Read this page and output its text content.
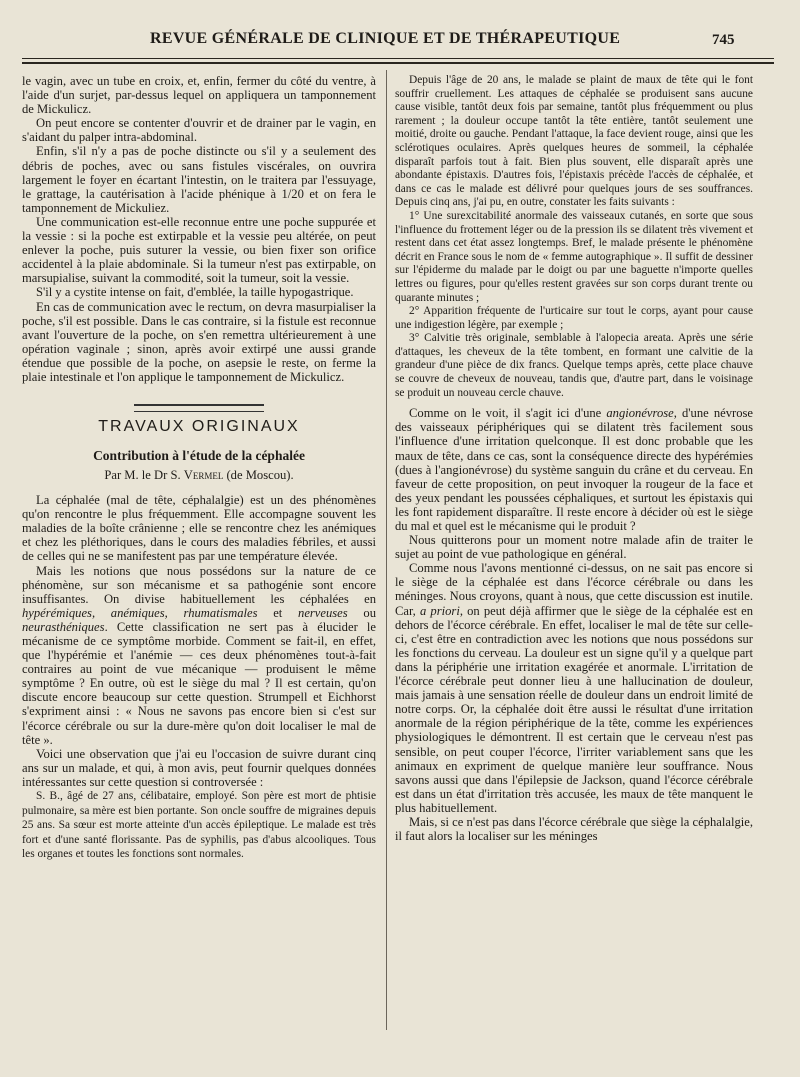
REVUE GÉNÉRALE DE CLINIQUE ET DE THÉRAPEUTIQUE	745

le vagin, avec un tube en croix, et, enfin, fermer du côté du ventre, à l'aide d'un surjet, par-dessus lequel on appliquera un tamponnement de Mickulicz.

On peut encore se contenter d'ouvrir et de drainer par le vagin, en s'aidant du palper intra-abdominal.

Enfin, s'il n'y a pas de poche distincte ou s'il y a seulement des débris de poches, avec ou sans fistules viscérales, on ouvrira largement le foyer en écartant l'intestin, on le traitera par l'essuyage, le grattage, la cautérisation à l'acide phénique à 1/20 et on fera le tamponnement de Mickuliez.

Une communication est-elle reconnue entre une poche suppurée et la vessie : si la poche est extirpable et la vessie peu altérée, on peut enlever la poche, puis suturer la vessie, ou bien fixer son orifice accidentel à la plaie abdominale. Si la tumeur n'est pas extirpable, on marsupialise, suivant la commodité, soit la tumeur, soit la vessie.

S'il y a cystite intense on fait, d'emblée, la taille hypogastrique.

En cas de communication avec le rectum, on devra masurpialiser la poche, s'il est possible. Dans le cas contraire, si la fistule est reconnue avant l'ouverture de la poche, on s'en remettra ultérieurement à une opération vaginale ; sinon, après avoir extirpé une aussi grande étendue que possible de la poche, on asepsie le reste, on ferme la plaie intestinale et l'on applique le tamponnement de Mickulicz.

TRAVAUX ORIGINAUX
Contribution à l'étude de la céphalée
Par M. le Dr S. Vermel (de Moscou).

La céphalée (mal de tête, céphalalgie) est un des phénomènes qu'on rencontre le plus fréquemment. Elle accompagne souvent les maladies de la boîte crânienne ; elle se rencontre chez les anémiques et chez les pléthoriques, dans le cours des maladies fébriles, et aussi de celles qui ne se manifestent pas par une température élevée.

Mais les notions que nous possédons sur la nature de ce phénomène, sur son mécanisme et sa pathogénie sont encore insuffisantes. On divise habituellement les céphalées en hypérémiques, anémiques, rhumatismales et nerveuses ou neurasthéniques. Cette classification ne sert pas à élucider le mécanisme de ce symptôme morbide. Comment se fait-il, en effet, que l'hypérémie et l'anémie — ces deux phénomènes tout-à-fait contraires au point de vue mécanique — produisent le même symptôme ? En outre, où est le siège du mal ? Il est certain, qu'on discute encore beaucoup sur cette question. Strumpell et Eichhorst s'expriment ainsi : « Nous ne savons pas encore bien si c'est sur l'écorce cérébrale ou sur la dure-mère qu'on doit localiser le mal de tête ».

Voici une observation que j'ai eu l'occasion de suivre durant cinq ans sur un malade, et qui, à mon avis, peut fournir quelques données intéressantes sur cette question si controversée :

S. B., âgé de 27 ans, célibataire, employé. Son père est mort de phtisie pulmonaire, sa mère est bien portante. Son oncle souffre de migraines depuis 25 ans. Sa sœur est morte atteinte d'un accès épileptique. Le malade est très fort et d'une santé florissante. Pas de syphilis, pas d'abus alcooliques. Tous les organes et toutes les fonctions sont normales.

Depuis l'âge de 20 ans, le malade se plaint de maux de tête qui le font souffrir cruellement. Les attaques de céphalée se produisent sans aucune cause visible, tantôt deux fois par semaine, tantôt plus fréquemment ou plus rarement ; la douleur occupe tantôt la tête entière, tantôt seulement une moitié, droite ou gauche. Pendant l'attaque, la face devient rouge, ainsi que les sclérotiques oculaires. Après quelques heures de sommeil, la céphalée disparaît parfois tout à fait. Bien plus souvent, elle disparaît après une abondante épistaxis. D'autres fois, l'épistaxis précède l'accès de céphalée, et dans ce cas le malade est délivré pour quelques jours de ses souffrances. Depuis cinq ans, j'ai pu, en outre, constater les faits suivants :

1° Une surexcitabilité anormale des vaisseaux cutanés, en sorte que sous l'influence du frottement léger ou de la pression ils se dilatent très vivement et restent dans cet état assez longtemps. Bref, le malade présente le phénomène décrit en France sous le nom de « femme autographique ». Il suffit de dessiner sur l'épiderme du malade par le doigt ou par une baguette n'importe quelles lettres ou figures, pour qu'elles restent gravées sur son corps durant trente ou quarante minutes ;

2° Apparition fréquente de l'urticaire sur tout le corps, ayant pour cause une indigestion légère, par exemple ;

3° Calvitie très originale, semblable à l'alopecia areata. Après une série d'attaques, les cheveux de la tête tombent, en formant une calvitie de la grandeur d'une pièce de dix francs. Quelque temps après, cette place chauve se couvre de cheveux de nouveau, tandis que, d'autre part, dans le voisinage se produit un nouveau cercle chauve.

Comme on le voit, il s'agit ici d'une angionévrose, d'une névrose des vaisseaux périphériques qui se dilatent très facilement sous l'influence d'une irritation quelconque. Il est donc probable que les maux de tête, dans ce cas, sont la conséquence directe des hypérémies (dues à l'angionévrose) du système sanguin du crâne et du cerveau. En faveur de cette proposition, on peut invoquer la rougeur de la face et des yeux pendant les poussées céphaliques, et surtout les épistaxis qui les font rapidement disparaître. Il reste encore à décider où est le siège du mal et quel est le mécanisme qui le produit ?

Nous quitterons pour un moment notre malade afin de traiter le sujet au point de vue pathologique en général.

Comme nous l'avons mentionné ci-dessus, on ne sait pas encore si le siège de la céphalée est dans l'écorce cérébrale ou dans les méninges. Nous croyons, quant à nous, que cette discussion est inutile. Car, a priori, on peut déjà affirmer que le siège de la céphalée est en dehors de l'écorce cérébrale. En effet, localiser le mal de tête sur celle-ci, c'est être en contradiction avec les notions que nous possédons sur les fonctions du cerveau. La douleur est un signe qu'il y a quelque part dans la périphérie une irritation exagérée et anormale. L'irritation de l'écorce cérébrale peut donner lieu à une hallucination de douleur, mais jamais à une sensation réelle de douleur dans un endroit limité de notre corps. Or, la céphalée doit être aussi le résultat d'une irritation anormale de la région périphérique de la tête, comme les expériences physiologiques le démontrent. Il est certain que le cerveau n'est pas sensible, on peut couper l'écorce, l'irriter variablement sans que les animaux en expriment de quelque manière leur souffrance. Nous savons aussi que dans l'épilepsie de Jackson, quand l'écorce cérébrale est dans un état d'irritation très accusée, les maux de tête manquent le plus habituellement.

Mais, si ce n'est pas dans l'écorce cérébrale que siège la céphalalgie, il faut alors la localiser sur les méninges
